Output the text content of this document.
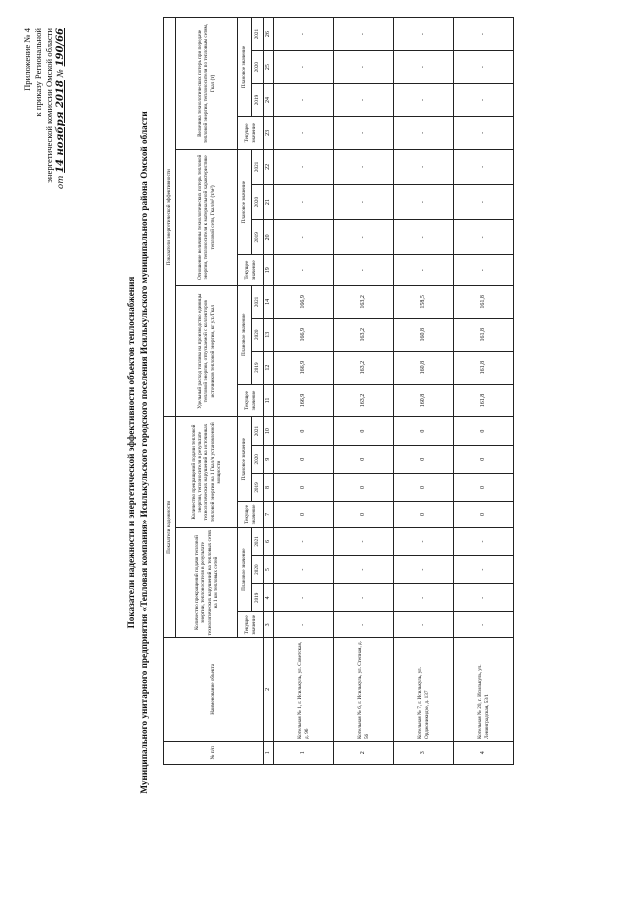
Приложение № 4 к приказу Региональной энергетической комиссии Омской области от 14 ноября 2018 № 190/66
Показатели надежности и энергетической эффективности объектов теплоснабжения Муниципального унитарного предприятия «Тепловая компания» Исилькульского городского поселения Исилькульского муниципального района Омской области	№ п/п	Наименование объекта	Показатели надежности								Показатели энергетической эффективности											
		Количество прекращений подачи тепловой энергии, теплоносителя в результате технологических нарушений на тепловых сетях на 1 км тепловых сетей				Количество прекращений подачи тепловой энергии, теплоносителя в результате технологических нарушений на источниках тепловой энергии на 1 Гкал/ч установленной мощности				Удельный расход топлива на производство единицы тепловой энергии, отпускаемой с коллекторов источников тепловой энергии, кг у.т./Гкал				Отношение величины технологических потерь тепловой энергии, теплоносителя к материальной характеристике тепловой сети, Гкал/м² (т/м²)				Величина технологических потерь при передаче тепловой энергии, теплоносителя по тепловым сетям, Гкал (т)			
		Текущее значение	Плановое значение			Текущее значение	Плановое значение			Текущее значение	Плановое значение			Текущее значение	Плановое значение			Текущее значение	Плановое значение		
			2019	2020	2021		2019	2020	2021		2019	2020	2021		2019	2020	2021		2019	2020	2021
1	2	3	4	5	6	7	8	9	10	11	12	13	14	19	20	21	22	23	24	25	26
1	Котельная № 1, г. Исилькуль, ул. Советская, д. 96	-	-	-	-	0	0	0	0	166,9	166,9	166,9	166,9	-	-	-	-	-	-	-	-
2	Котельная № 6, г. Исилькуль, ул. Степная, д. 56	-	-	-	-	0	0	0	0	163,2	163,2	163,2	163,2	-	-	-	-	-	-	-	-
3	Котельная № 7, г. Исилькуль, ул. Орджоникидзе, д. 137	-	-	-	-	0	0	0	0	160,8	160,8	160,8	158,5	-	-	-	-	-	-	-	-
4	Котельная № 20, г. Исилькуль, ул. Ленинградская, 53/1	-	-	-	-	0	0	0	0	161,8	161,8	161,8	161,8	-	-	-	-	-	-	-	-
